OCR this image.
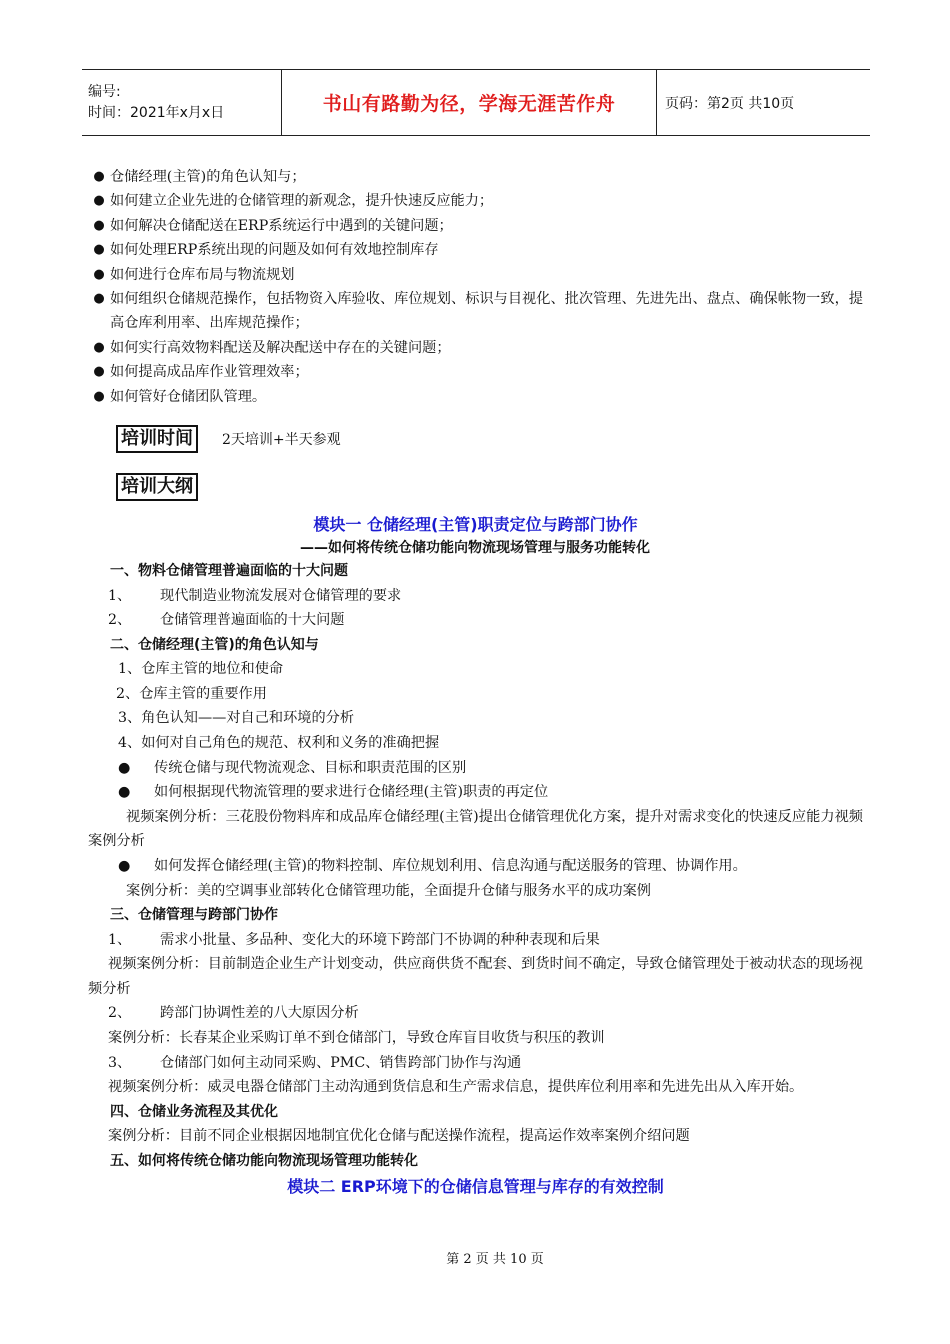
编号:
时间：2021年x月x日	书山有路勤为径，学海无涯苦作舟	页码：第2页 共10页
● 仓储经理(主管)的角色认知与；
● 如何建立企业先进的仓储管理的新观念，提升快速反应能力；
● 如何解决仓储配送在ERP系统运行中遇到的关键问题；
● 如何处理ERP系统出现的问题及如何有效地控制库存
● 如何进行仓库布局与物流规划
● 如何组织仓储规范操作，包括物资入库验收、库位规划、标识与目视化、批次管理、先进先出、盘点、确保帐物一致，提高仓库利用率、出库规范操作；
● 如何实行高效物料配送及解决配送中存在的关键问题；
● 如何提高成品库作业管理效率；
● 如何管好仓储团队管理。
培训时间	2天培训+半天参观
培训大纲
模块一 仓储经理(主管)职责定位与跨部门协作
——如何将传统仓储功能向物流现场管理与服务功能转化
一、物料仓储管理普遍面临的十大问题
1、 现代制造业物流发展对仓储管理的要求
2、 仓储管理普遍面临的十大问题
二、仓储经理(主管)的角色认知与
1、仓库主管的地位和使命
2、仓库主管的重要作用
3、角色认知——对自己和环境的分析
4、如何对自己角色的规范、权利和义务的准确把握
●	传统仓储与现代物流观念、目标和职责范围的区别
●	如何根据现代物流管理的要求进行仓储经理(主管)职责的再定位
视频案例分析：三花股份物料库和成品库仓储经理(主管)提出仓储管理优化方案，提升对需求变化的快速反应能力视频案例分析
●	如何发挥仓储经理(主管)的物料控制、库位规划利用、信息沟通与配送服务的管理、协调作用。
案例分析：美的空调事业部转化仓储管理功能，全面提升仓储与服务水平的成功案例
三、仓储管理与跨部门协作
1、 需求小批量、多品种、变化大的环境下跨部门不协调的种种表现和后果
视频案例分析：目前制造企业生产计划变动，供应商供货不配套、到货时间不确定，导致仓储管理处于被动状态的现场视频分析
2、 跨部门协调性差的八大原因分析
案例分析：长春某企业采购订单不到仓储部门，导致仓库盲目收货与积压的教训
3、 仓储部门如何主动同采购、PMC、销售跨部门协作与沟通
视频案例分析：威灵电器仓储部门主动沟通到货信息和生产需求信息，提供库位利用率和先进先出从入库开始。
四、仓储业务流程及其优化
案例分析：目前不同企业根据因地制宜优化仓储与配送操作流程，提高运作效率案例介绍问题
五、如何将传统仓储功能向物流现场管理功能转化
模块二 ERP环境下的仓储信息管理与库存的有效控制
第 2 页 共 10 页
